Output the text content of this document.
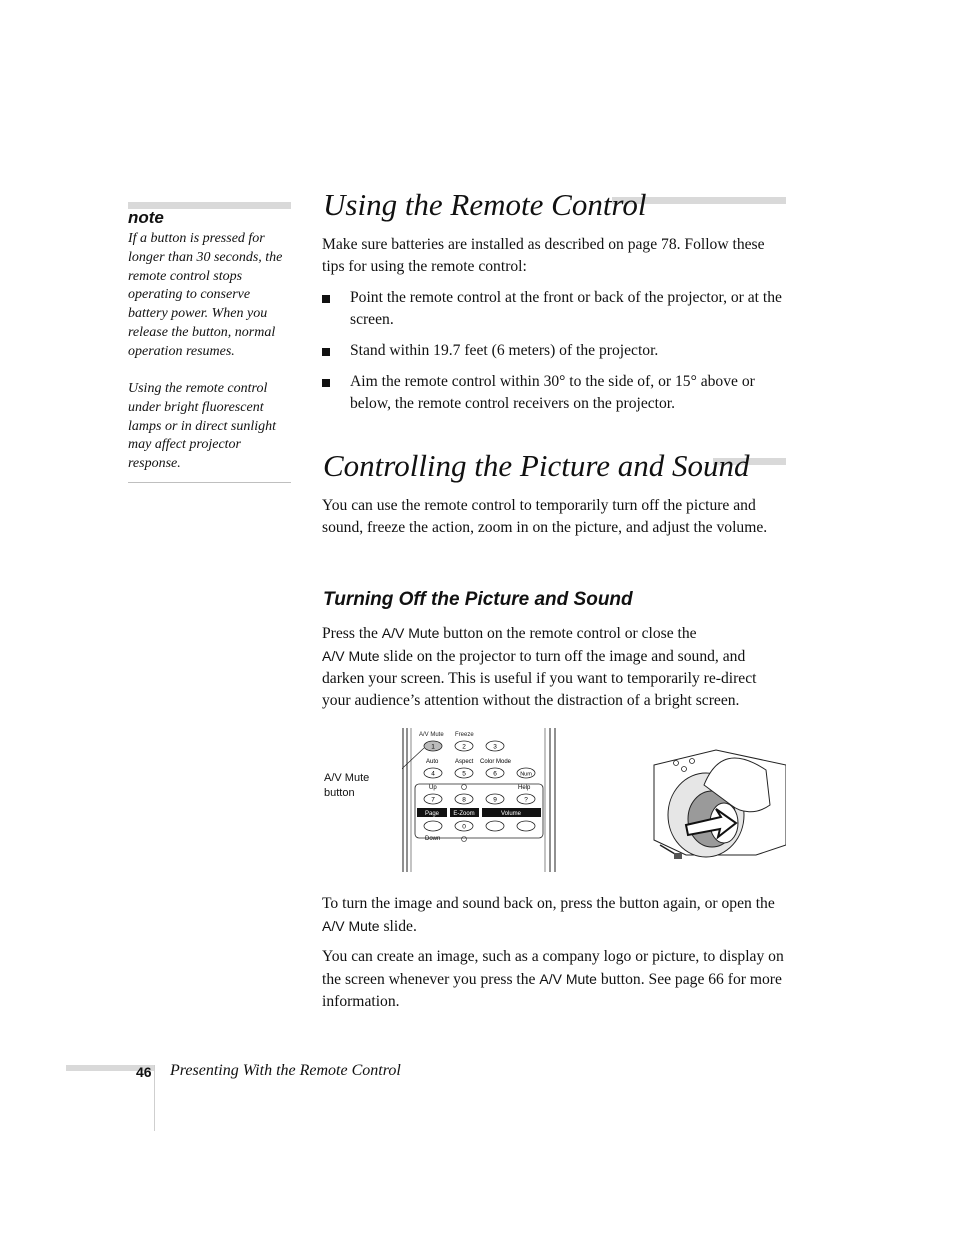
note

If a button is pressed for longer than 30 seconds, the remote control stops operating to conserve battery power. When you release the button, normal operation resumes.

Using the remote control under bright fluorescent lamps or in direct sunlight may affect projector response.

Using the Remote Control

Make sure batteries are installed as described on page 78. Follow these tips for using the remote control:

Point the remote control at the front or back of the projector, or at the screen.
Stand within 19.7 feet (6 meters) of the projector.
Aim the remote control within 30° to the side of, or 15° above or below, the remote control receivers on the projector.
Controlling the Picture and Sound

You can use the remote control to temporarily turn off the picture and sound, freeze the action, zoom in on the picture, and adjust the volume.

Turning Off the Picture and Sound

Press the A/V Mute button on the remote control or close the
A/V Mute slide on the projector to turn off the image and sound, and darken your screen. This is useful if you want to temporarily re-direct your audience’s attention without the distraction of a bright screen.

A/V Mute button
A/V Mute Freeze
1	2	3
Auto	Aspect Color Mode
4	5	6	Num
Up	Help
7	8	9	?
Page E-Zoom	Volume
0
Down

To turn the image and sound back on, press the button again, or open the A/V Mute slide.

You can create an image, such as a company logo or picture, to display on the screen whenever you press the A/V Mute button. See page 66 for more information.

46 Presenting With the Remote Control
